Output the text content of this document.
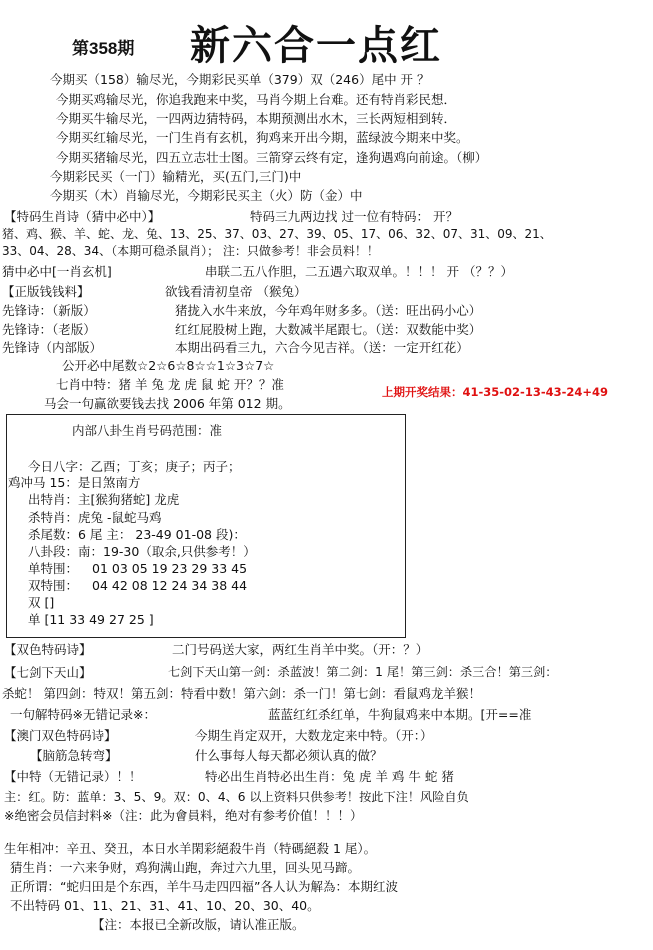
第358期 新六合一点红
今期买（158）输尽光，今期彩民买单（379）双（246）尾中 开 ？
今期买鸡输尽光，你追我跑来中奖，马肖今期上台难。还有特肖彩民想．
今期买牛输尽光，一四两边猜特码，本期预测出水木，三长两短相到转．
今期买红输尽光，一门生肖有玄机，狗鸡来开出今期，蓝绿波今期来中奖。
今期买猪输尽光，四五立志壮士图。三箭穿云终有定，逢狗遇鸡向前途。（柳）
今期彩民买（一门）输精光，买(五门,三门)中
今期买（木）肖输尽光，今期彩民买主（火）防（金）中
【特码生肖诗（猜中必中）】	特码三九两边找 过一位有特码： 开？
猪、鸡、猴、羊、蛇、龙、兔、13、25、37、03、27、39、05、17、06、32、07、31、09、21、
33、04、28、34、（本期可稳杀鼠肖）； 注：只做参考！非会员料！！
猜中必中[一肖玄机]	串联二五八作胆，二五遇六取双单。！！！ 开 （？？）
【正版钱钱料】	欲钱看清初皇帝 （猴兔）
先锋诗：（新版）	猪拢入水牛来放，今年鸡年财多多。（送：旺出码小心）
先锋诗：（老版）	红红屁股树上跑，大数减半尾跟七。（送：双数能中奖）
先锋诗（内部版）	本期出码看三九，六合今见吉祥。（送：一定开红花）
公开必中尾数☆2☆6☆8☆☆1☆3☆7☆
七肖中特：猪 羊 兔 龙 虎 鼠 蛇 开？？准
马会一句赢欲要钱去找 2006 年第 012 期。
上期开奖结果：41-35-02-13-43-24+49
内部八卦生肖号码范围：准
今日八字：乙酉；丁亥；庚子；丙子；
鸡冲马 15：是日煞南方
出特肖：主[猴狗猪蛇] 龙虎
杀特肖：虎兔 -鼠蛇马鸡
杀尾数：6 尾 主： 23-49 01-08 段)：
八卦段：南：19-30（取余,只供参考！）
单特围： 01 03 05 19 23 29 33 45
双特围： 04 42 08 12 24 34 38 44
双 []
单 [11 33 49 27 25 ]
【双色特码诗】	二门号码送大家，两红生肖羊中奖。（开：？）
【七剑下天山】	七剑下天山第一剑：杀蓝波！第二剑：1 尾！第三剑：杀三合！第三剑：
杀蛇！ 第四剑：特双！第五剑：特看中数！第六剑：杀一门！第七剑：看鼠鸡龙羊猴！
一句解特码※无错记录※：	蓝蓝红红杀红单，牛狗鼠鸡来中本期。[开==准
【澳门双色特码诗】	今期生肖定双开，大数龙定来中特。（开：）
【脑筋急转弯】	什么事每人每天都必须认真的做？
【中特（无错记录）！！	特必出生肖特必出生肖：兔 虎 羊 鸡 牛 蛇 猪
主：红。防：蓝单：3、5、9。双：0、4、6 以上资料只供参考！按此下注！风险自负
※绝密会员信封料※（注：此为會員料，绝对有参考价值！！！）
生年相冲：辛丑、癸丑，本日水羊閑彩絕殺牛肖（特碼絕殺 1 尾）。
猜生肖：一六来争财，鸡狗满山跑，奔过六九里，回头见马蹄。
正所谓：“蛇归田是个东西，羊牛马走四四福”各人认为解為：本期红波
不出特码 01、11、21、31、41、10、20、30、40。
【注：本报已全新改版，请认准正版。
